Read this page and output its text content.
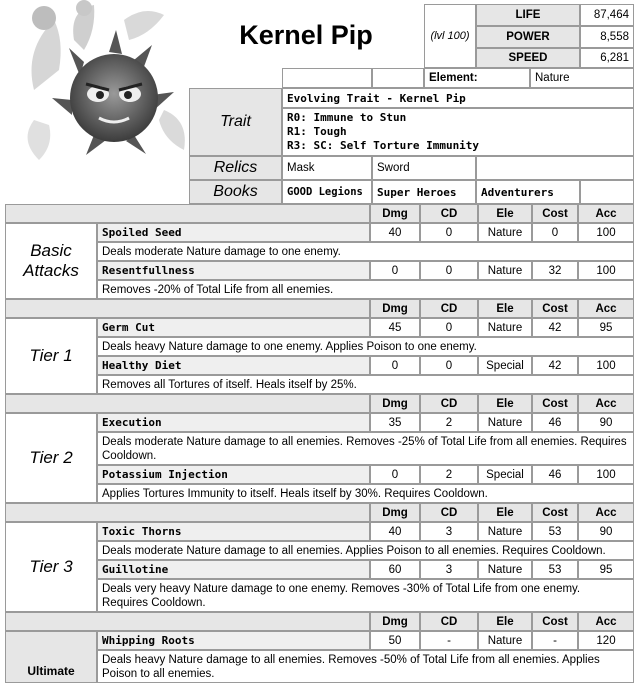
Kernel Pip	(lvl 100)
LIFE	87,464
POWER	8,558
SPEED	6,281
Element:	Nature
Trait
Evolving Trait - Kernel Pip
R0: Immune to Stun
R1: Tough
R3: SC: Self Torture Immunity
Relics	Mask	Sword
Books	GOOD Legions	Super Heroes	Adventurers
Dmg	CD	Ele	Cost	Acc
Spoiled Seed	40	0	Nature	0	100
Deals moderate Nature damage to one enemy.
Resentfullness	0	0	Nature	32	100
Removes -20% of Total Life from all enemies.
Basic
Attacks
Dmg	CD	Ele	Cost	Acc
Germ Cut	45	0	Nature	42	95
Deals heavy Nature damage to one enemy. Applies Poison to one enemy.
Healthy Diet	0	0	Special	42	100
Removes all Tortures of itself. Heals itself by 25%.
Tier 1
Dmg	CD	Ele	Cost	Acc
Execution	35	2	Nature	46	90
Deals moderate Nature damage to all enemies. Removes -25% of Total Life from all enemies. Requires Cooldown.
Potassium Injection	0	2	Special	46	100
Applies Tortures Immunity to itself. Heals itself by 30%. Requires Cooldown.
Tier 2
Dmg	CD	Ele	Cost	Acc
Toxic Thorns	40	3	Nature	53	90
Deals moderate Nature damage to all enemies. Applies Poison to all enemies. Requires Cooldown.
Guillotine	60	3	Nature	53	95
Deals very heavy Nature damage to one enemy. Removes -30% of Total Life from one enemy. Requires Cooldown.
Tier 3
Dmg	CD	Ele	Cost	Acc
Whipping Roots	50	-	Nature	-	120
Deals heavy Nature damage to all enemies. Removes -50% of Total Life from all enemies. Applies Poison to all enemies.
Ultimate
